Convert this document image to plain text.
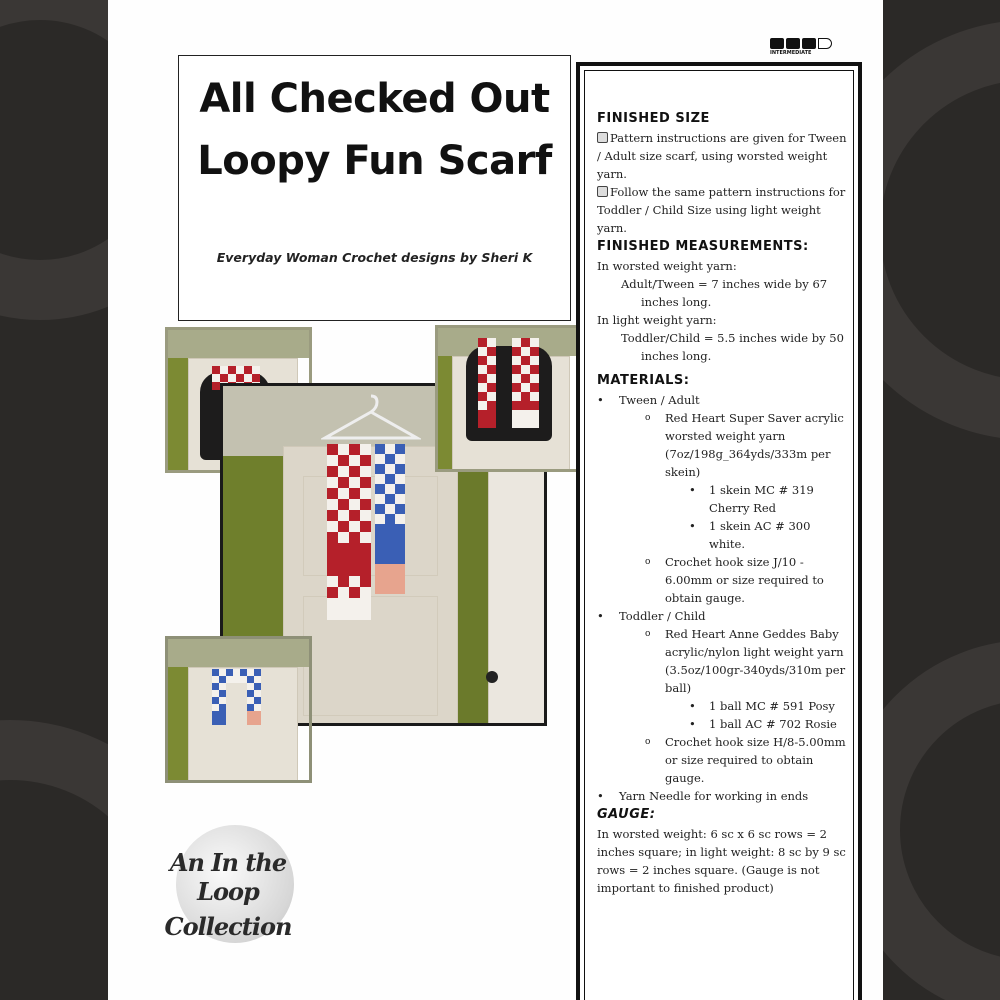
All Checked Out
Loopy Fun Scarf
Everyday Woman Crochet designs by Sheri K
An In the Loop
Collection
INTERMEDIATE
FINISHED SIZE
Pattern instructions are given for Tween / Adult size scarf, using worsted weight yarn.
Follow the same pattern instructions for Toddler / Child Size using light weight yarn.
FINISHED MEASUREMENTS:
In worsted weight yarn:
Adult/Tween = 7 inches wide by 67 inches long.
In light weight yarn:
Toddler/Child = 5.5 inches wide by 50 inches long.
MATERIALS:
• Tween / Adult
o Red Heart Super Saver acrylic worsted weight yarn (7oz/198g_364yds/333m per skein)
• 1 skein MC # 319 Cherry Red
• 1 skein AC # 300 white.
o Crochet hook size J/10 - 6.00mm or size required to obtain gauge.
• Toddler / Child
o Red Heart Anne Geddes Baby acrylic/nylon light weight yarn (3.5oz/100gr-340yds/310m per ball)
• 1 ball MC # 591 Posy
• 1 ball AC # 702 Rosie
o Crochet hook size H/8-5.00mm or size required to obtain gauge.
• Yarn Needle for working in ends
GAUGE:
In worsted weight: 6 sc x 6 sc rows = 2 inches square; in light weight: 8 sc by 9 sc rows = 2 inches square. (Gauge is not important to finished product)
